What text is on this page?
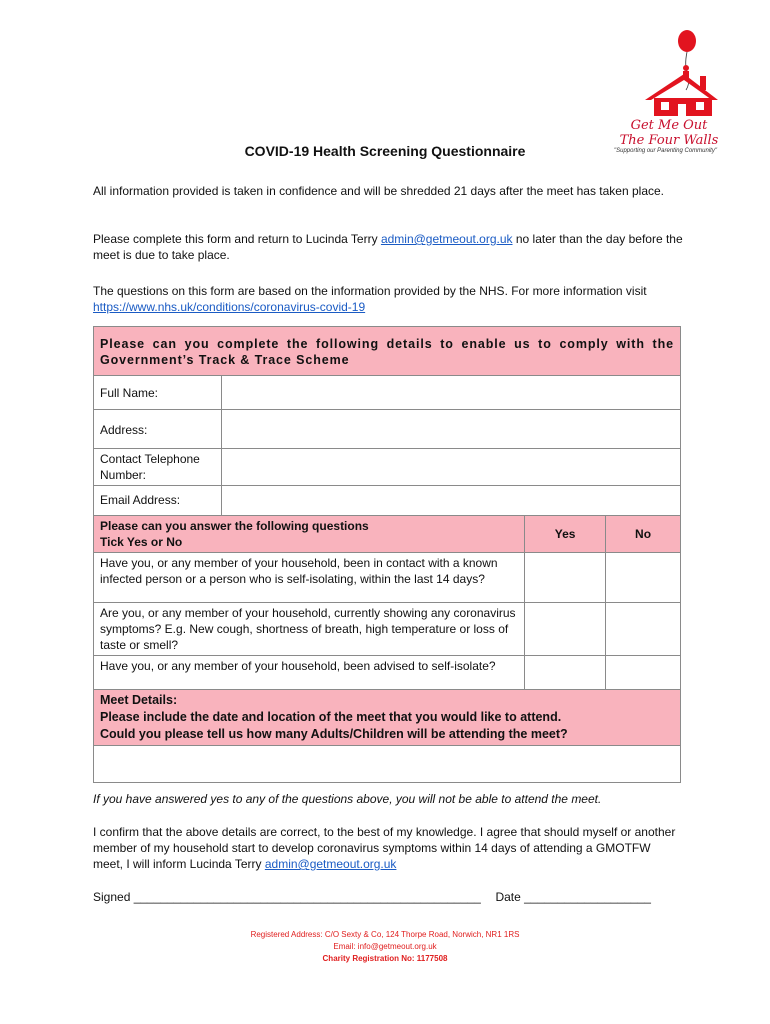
Get Me Out
The Four Walls
"Supporting our Parenting Community"
COVID-19 Health Screening Questionnaire
All information provided is taken in confidence and will be shredded 21 days after the meet has taken place.
Please complete this form and return to Lucinda Terry admin@getmeout.org.uk no later than the day before the meet is due to take place.
The questions on this form are based on the information provided by the NHS. For more information visit https://www.nhs.uk/conditions/coronavirus-covid-19
Please can you complete the following details to enable us to comply with the Government’s Track & Trace Scheme			
Full Name:			
Address:			
Contact Telephone Number:			
Email Address:			

Please can you answer the following questions
Tick Yes or No		Yes	No
Have you, or any member of your household, been in contact with a known infected person or a person who is self-isolating, within the last 14 days?			
Are you, or any member of your household, currently showing any coronavirus symptoms? E.g. New cough, shortness of breath, high temperature or loss of taste or smell?			
Have you, or any member of your household, been advised to self-isolate?			

Meet Details:
Please include the date and location of the meet that you would like to attend.
Could you please tell us how many Adults/Children will be attending the meet?			

If you have answered yes to any of the questions above, you will not be able to attend the meet.
I confirm that the above details are correct, to the best of my knowledge. I agree that should myself or another member of my household start to develop coronavirus symptoms within 14 days of attending a GMOTFW meet, I will inform Lucinda Terry admin@getmeout.org.uk
Signed ____________________________________________________ Date ___________________
Registered Address: C/O Sexty & Co, 124 Thorpe Road, Norwich, NR1 1RS
Email: info@getmeout.org.uk
Charity Registration No: 1177508
